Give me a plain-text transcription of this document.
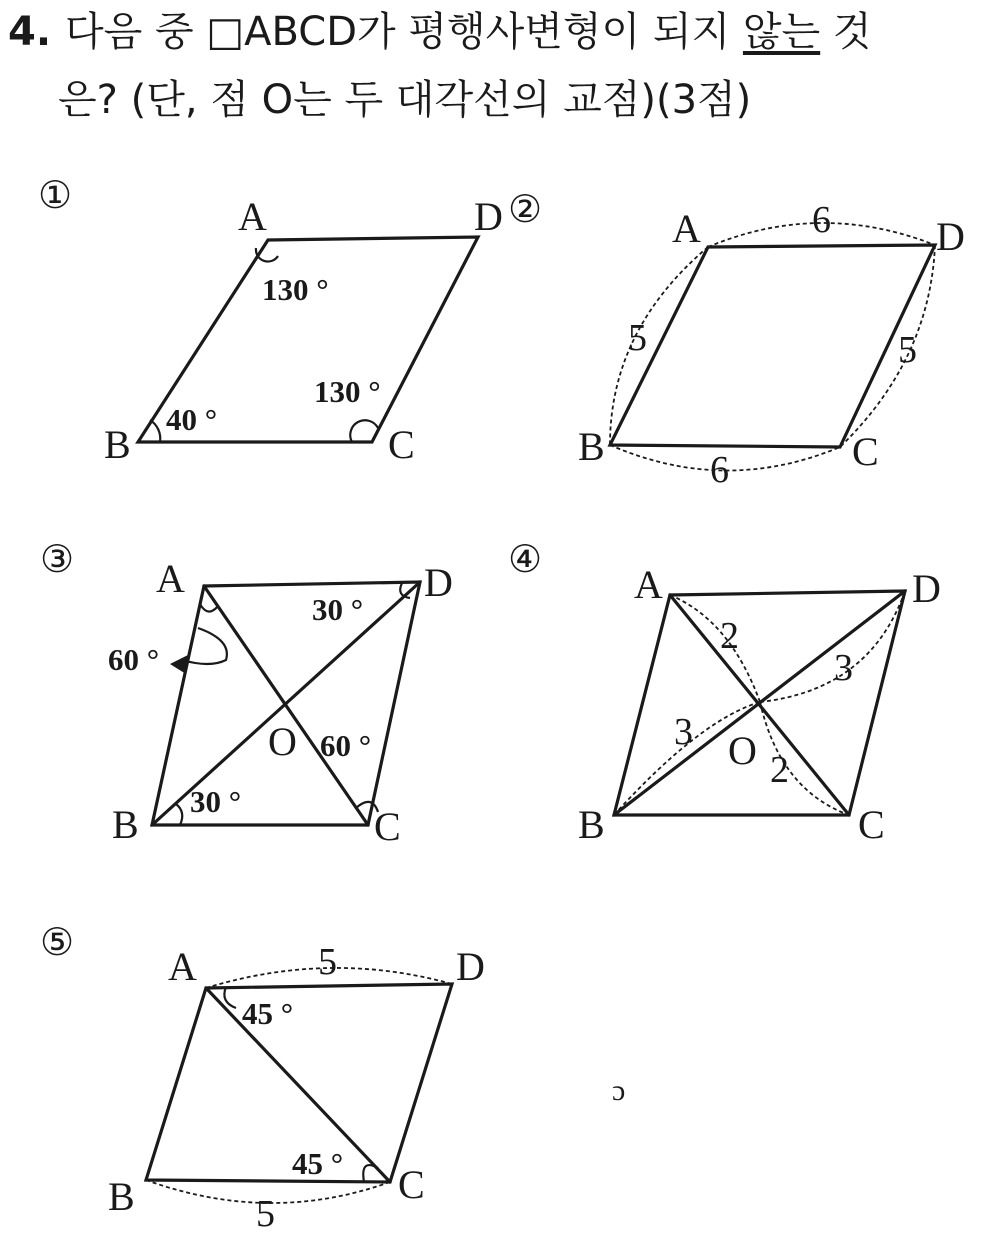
4. 다음 중 □ABCD가 평행사변형이 되지 않는 것
은? (단, 점 O는 두 대각선의 교점)(3점)
①	A	D
B	C
130 °
40 °
130 °
②	A	D
B	C
6
5	5
6
③ A	D
B	C
O
30 °
60 °
60 °
30 °
④
A	D
B	C
O
2
3
3
2
⑤
A	D
B	C
45 °
45 °
5
5
ɔ
